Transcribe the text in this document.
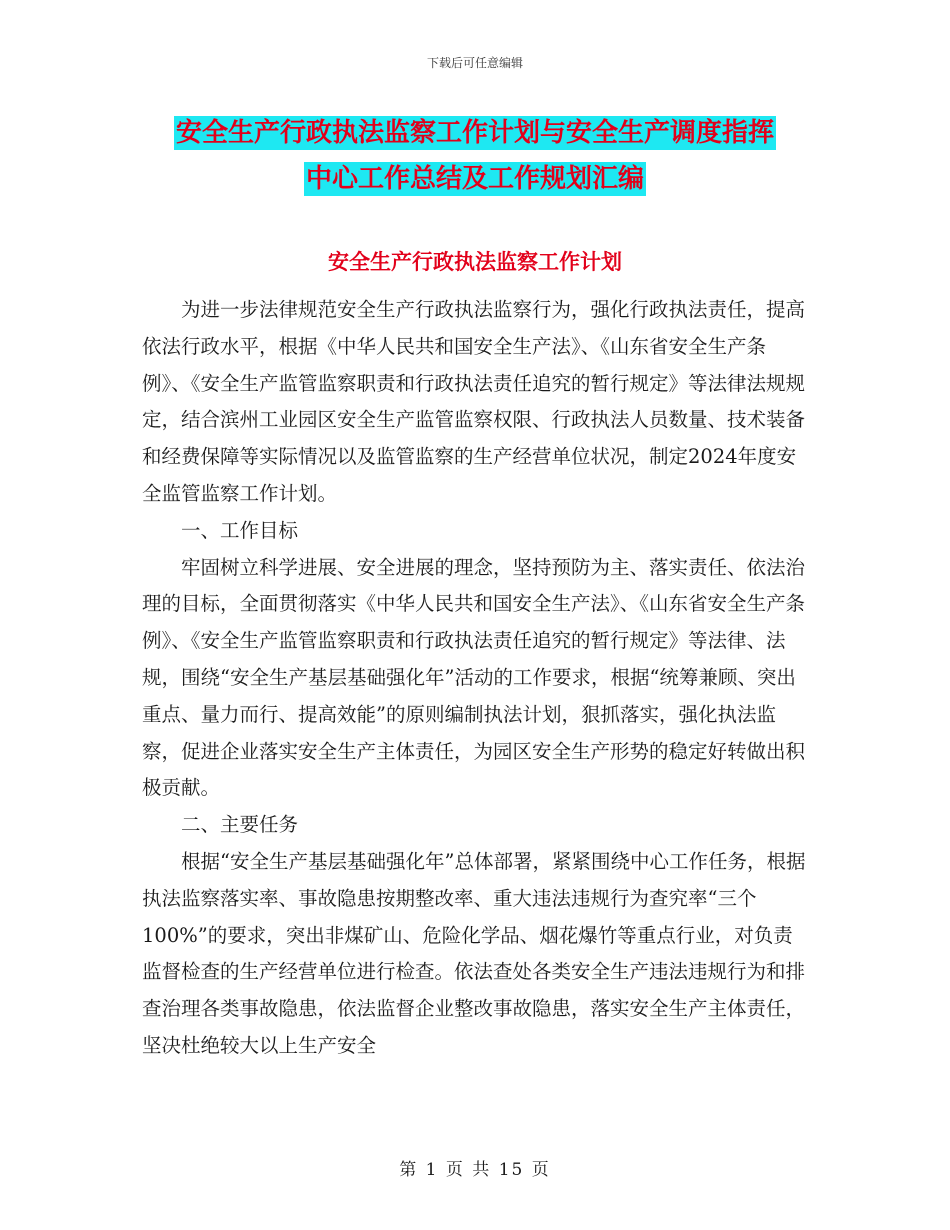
下载后可任意编辑
安全生产行政执法监察工作计划与安全生产调度指挥
中心工作总结及工作规划汇编
安全生产行政执法监察工作计划

为进一步法律规范安全生产行政执法监察行为，强化行政执法责任，提高依法行政水平，根据《中华人民共和国安全生产法》、《山东省安全生产条例》、《安全生产监管监察职责和行政执法责任追究的暂行规定》等法律法规规定，结合滨州工业园区安全生产监管监察权限、行政执法人员数量、技术装备和经费保障等实际情况以及监管监察的生产经营单位状况，制定2024年度安全监管监察工作计划。

一、工作目标

牢固树立科学进展、安全进展的理念，坚持预防为主、落实责任、依法治理的目标，全面贯彻落实《中华人民共和国安全生产法》、《山东省安全生产条例》、《安全生产监管监察职责和行政执法责任追究的暂行规定》等法律、法规，围绕“安全生产基层基础强化年”活动的工作要求，根据“统筹兼顾、突出重点、量力而行、提高效能”的原则编制执法计划，狠抓落实，强化执法监察，促进企业落实安全生产主体责任，为园区安全生产形势的稳定好转做出积极贡献。

二、主要任务

根据“安全生产基层基础强化年”总体部署，紧紧围绕中心工作任务，根据执法监察落实率、事故隐患按期整改率、重大违法违规行为查究率“三个100%”的要求，突出非煤矿山、危险化学品、烟花爆竹等重点行业，对负责监督检查的生产经营单位进行检查。依法查处各类安全生产违法违规行为和排查治理各类事故隐患，依法监督企业整改事故隐患，落实安全生产主体责任，坚决杜绝较大以上生产安全

第 1 页 共 15 页
